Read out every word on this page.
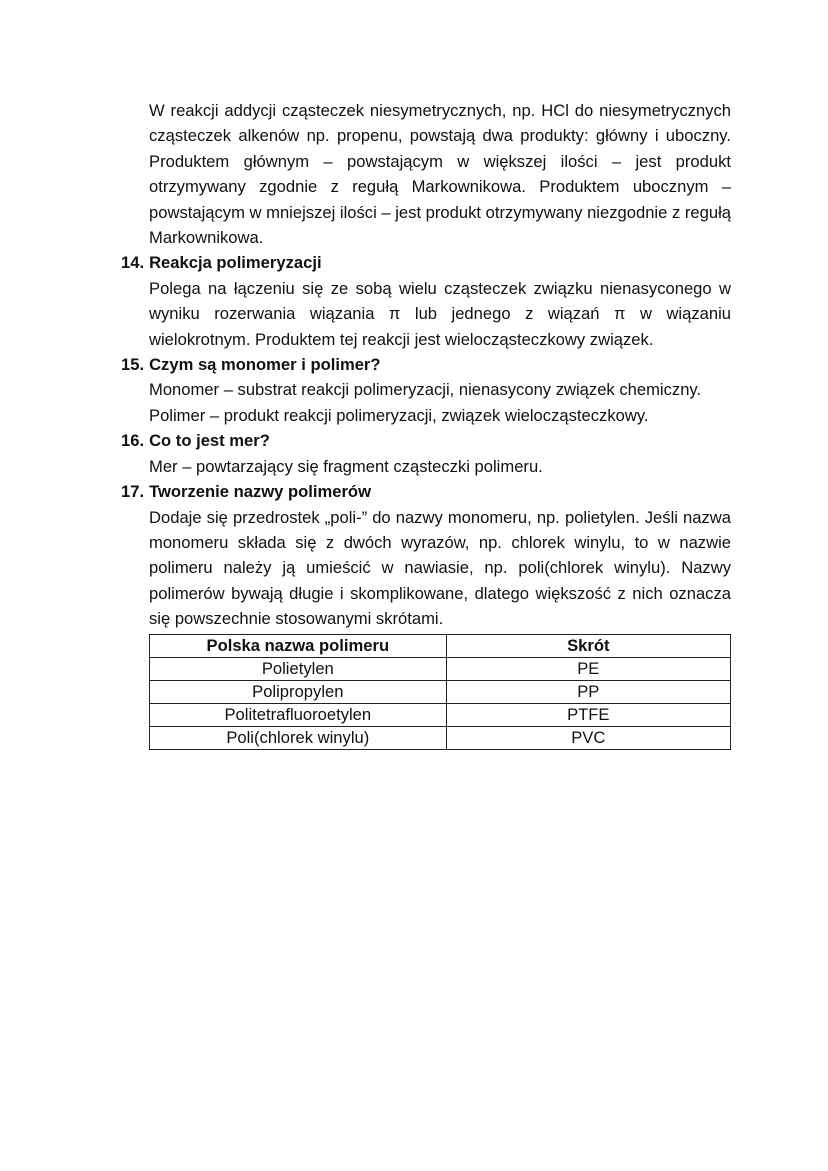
W reakcji addycji cząsteczek niesymetrycznych, np. HCl do niesymetrycznych cząsteczek alkenów np. propenu, powstają dwa produkty: główny i uboczny. Produktem głównym – powstającym w większej ilości – jest produkt otrzymywany zgodnie z regułą Markownikowa. Produktem ubocznym – powstającym w mniejszej ilości – jest produkt otrzymywany niezgodnie z regułą Markownikowa.

14. Reakcja polimeryzacji

Polega na łączeniu się ze sobą wielu cząsteczek związku nienasyconego w wyniku rozerwania wiązania π lub jednego z wiązań π w wiązaniu wielokrotnym. Produktem tej reakcji jest wielocząsteczkowy związek.

15. Czym są monomer i polimer?

Monomer – substrat reakcji polimeryzacji, nienasycony związek chemiczny.

Polimer – produkt reakcji polimeryzacji, związek wielocząsteczkowy.

16. Co to jest mer?

Mer – powtarzający się fragment cząsteczki polimeru.

17. Tworzenie nazwy polimerów

Dodaje się przedrostek „poli-” do nazwy monomeru, np. polietylen. Jeśli nazwa monomeru składa się z dwóch wyrazów, np. chlorek winylu, to w nazwie polimeru należy ją umieścić w nawiasie, np. poli(chlorek winylu). Nazwy polimerów bywają długie i skomplikowane, dlatego większość z nich oznacza się powszechnie stosowanymi skrótami.

Polska nazwa polimeru	Skrót
Polietylen	PE
Polipropylen	PP
Politetrafluoroetylen	PTFE
Poli(chlorek winylu)	PVC
